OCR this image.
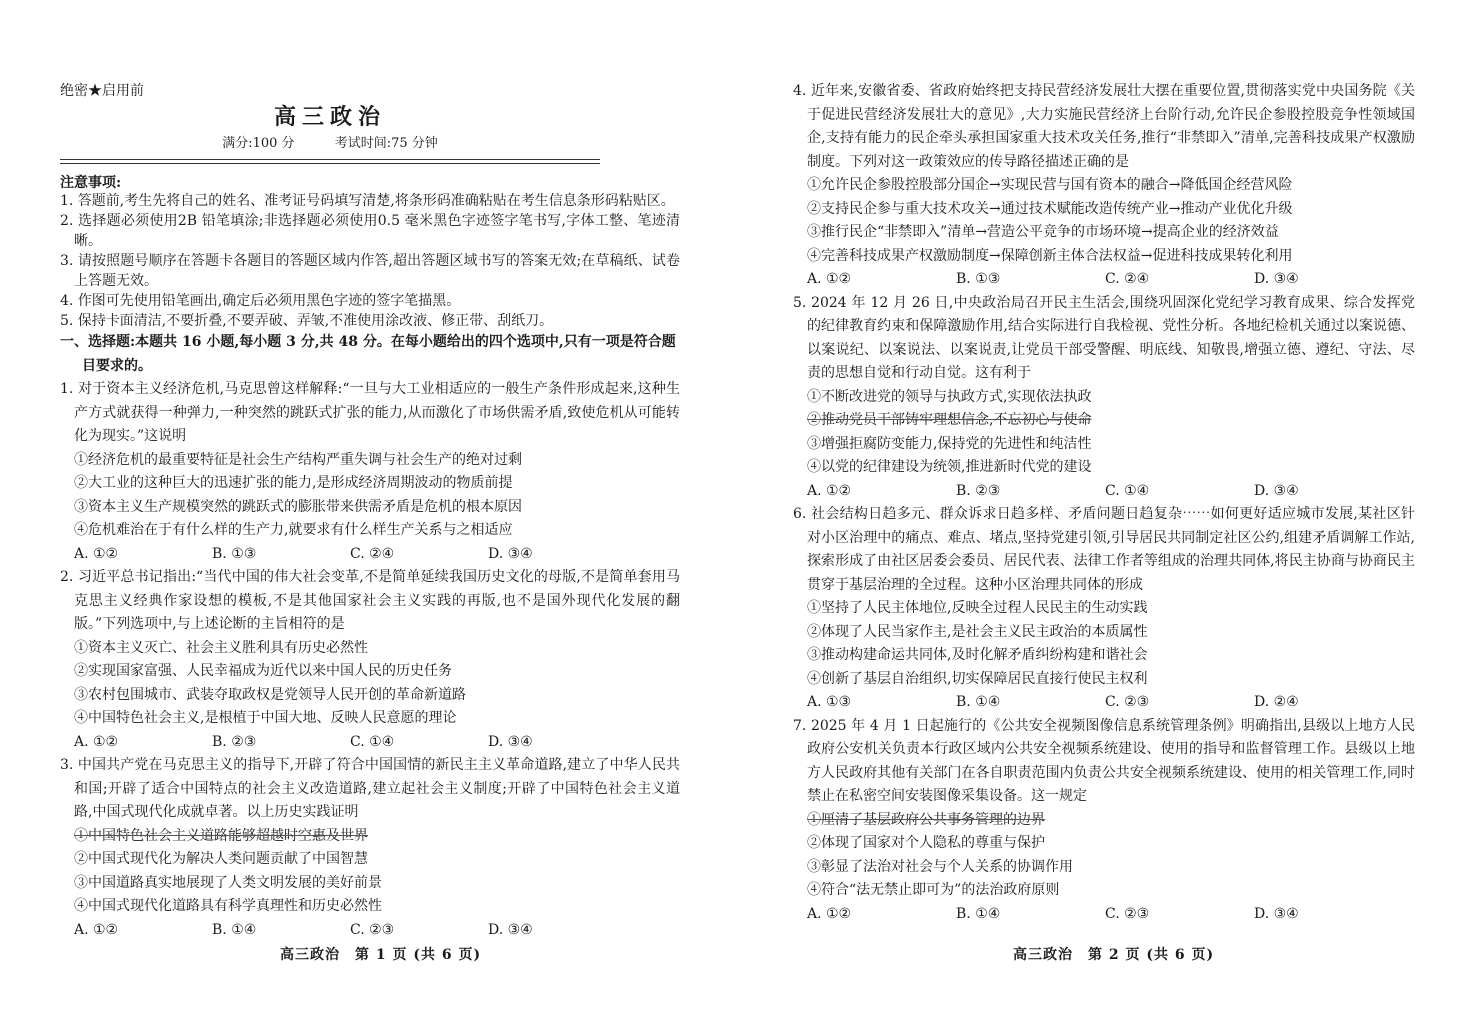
绝密★启用前
高三政治
满分:100 分	考试时间:75 分钟
注意事项:

1. 答题前,考生先将自己的姓名、准考证号码填写清楚,将条形码准确粘贴在考生信息条形码粘贴区。

2. 选择题必须使用2B 铅笔填涂;非选择题必须使用0.5 毫米黑色字迹签字笔书写,字体工整、笔迹清晰。

3. 请按照题号顺序在答题卡各题目的答题区域内作答,超出答题区域书写的答案无效;在草稿纸、试卷上答题无效。

4. 作图可先使用铅笔画出,确定后必须用黑色字迹的签字笔描黑。

5. 保持卡面清洁,不要折叠,不要弄破、弄皱,不准使用涂改液、修正带、刮纸刀。

一、选择题:本题共 16 小题,每小题 3 分,共 48 分。在每小题给出的四个选项中,只有一项是符合题目要求的。

1. 对于资本主义经济危机,马克思曾这样解释:“一旦与大工业相适应的一般生产条件形成起来,这种生产方式就获得一种弹力,一种突然的跳跃式扩张的能力,从而激化了市场供需矛盾,致使危机从可能转化为现实。”这说明

①经济危机的最重要特征是社会生产结构严重失调与社会生产的绝对过剩

②大工业的这种巨大的迅速扩张的能力,是形成经济周期波动的物质前提

③资本主义生产规模突然的跳跃式的膨胀带来供需矛盾是危机的根本原因

④危机难治在于有什么样的生产力,就要求有什么样生产关系与之相适应

A. ①②	B. ①③	C. ②④	D. ③④

2. 习近平总书记指出:“当代中国的伟大社会变革,不是简单延续我国历史文化的母版,不是简单套用马克思主义经典作家设想的模板,不是其他国家社会主义实践的再版,也不是国外现代化发展的翻版。”下列选项中,与上述论断的主旨相符的是

①资本主义灭亡、社会主义胜利具有历史必然性

②实现国家富强、人民幸福成为近代以来中国人民的历史任务

③农村包围城市、武装夺取政权是党领导人民开创的革命新道路

④中国特色社会主义,是根植于中国大地、反映人民意愿的理论

A. ①②	B. ②③	C. ①④	D. ③④

3. 中国共产党在马克思主义的指导下,开辟了符合中国国情的新民主主义革命道路,建立了中华人民共和国;开辟了适合中国特点的社会主义改造道路,建立起社会主义制度;开辟了中国特色社会主义道路,中国式现代化成就卓著。以上历史实践证明

①中国特色社会主义道路能够超越时空惠及世界

②中国式现代化为解决人类问题贡献了中国智慧

③中国道路真实地展现了人类文明发展的美好前景

④中国式现代化道路具有科学真理性和历史必然性

A. ①②	B. ①④	C. ②③	D. ③④
高三政治　第 1 页 (共 6 页)

4. 近年来,安徽省委、省政府始终把支持民营经济发展壮大摆在重要位置,贯彻落实党中央国务院《关于促进民营经济发展壮大的意见》,大力实施民营经济上台阶行动,允许民企参股控股竞争性领域国企,支持有能力的民企牵头承担国家重大技术攻关任务,推行“非禁即入”清单,完善科技成果产权激励制度。下列对这一政策效应的传导路径描述正确的是

①允许民企参股控股部分国企→实现民营与国有资本的融合→降低国企经营风险

②支持民企参与重大技术攻关→通过技术赋能改造传统产业→推动产业优化升级

③推行民企“非禁即入”清单→营造公平竞争的市场环境→提高企业的经济效益

④完善科技成果产权激励制度→保障创新主体合法权益→促进科技成果转化利用

A. ①②	B. ①③	C. ②④	D. ③④

5. 2024 年 12 月 26 日,中央政治局召开民主生活会,围绕巩固深化党纪学习教育成果、综合发挥党的纪律教育约束和保障激励作用,结合实际进行自我检视、党性分析。各地纪检机关通过以案说德、以案说纪、以案说法、以案说责,让党员干部受警醒、明底线、知敬畏,增强立德、遵纪、守法、尽责的思想自觉和行动自觉。这有利于

①不断改进党的领导与执政方式,实现依法执政

②推动党员干部铸牢理想信念,不忘初心与使命

③增强拒腐防变能力,保持党的先进性和纯洁性

④以党的纪律建设为统领,推进新时代党的建设

A. ①②	B. ②③	C. ①④	D. ③④

6. 社会结构日趋多元、群众诉求日趋多样、矛盾问题日趋复杂⋯⋯如何更好适应城市发展,某社区针对小区治理中的痛点、难点、堵点,坚持党建引领,引导居民共同制定社区公约,组建矛盾调解工作站,探索形成了由社区居委会委员、居民代表、法律工作者等组成的治理共同体,将民主协商与协商民主贯穿于基层治理的全过程。这种小区治理共同体的形成

①坚持了人民主体地位,反映全过程人民民主的生动实践

②体现了人民当家作主,是社会主义民主政治的本质属性

③推动构建命运共同体,及时化解矛盾纠纷构建和谐社会

④创新了基层自治组织,切实保障居民直接行使民主权利

A. ①③	B. ①④	C. ②③	D. ②④

7. 2025 年 4 月 1 日起施行的《公共安全视频图像信息系统管理条例》明确指出,县级以上地方人民政府公安机关负责本行政区域内公共安全视频系统建设、使用的指导和监督管理工作。县级以上地方人民政府其他有关部门在各自职责范围内负责公共安全视频系统建设、使用的相关管理工作,同时禁止在私密空间安装图像采集设备。这一规定

①厘清了基层政府公共事务管理的边界

②体现了国家对个人隐私的尊重与保护

③彰显了法治对社会与个人关系的协调作用

④符合“法无禁止即可为”的法治政府原则

A. ①②	B. ①④	C. ②③	D. ③④
高三政治　第 2 页 (共 6 页)
